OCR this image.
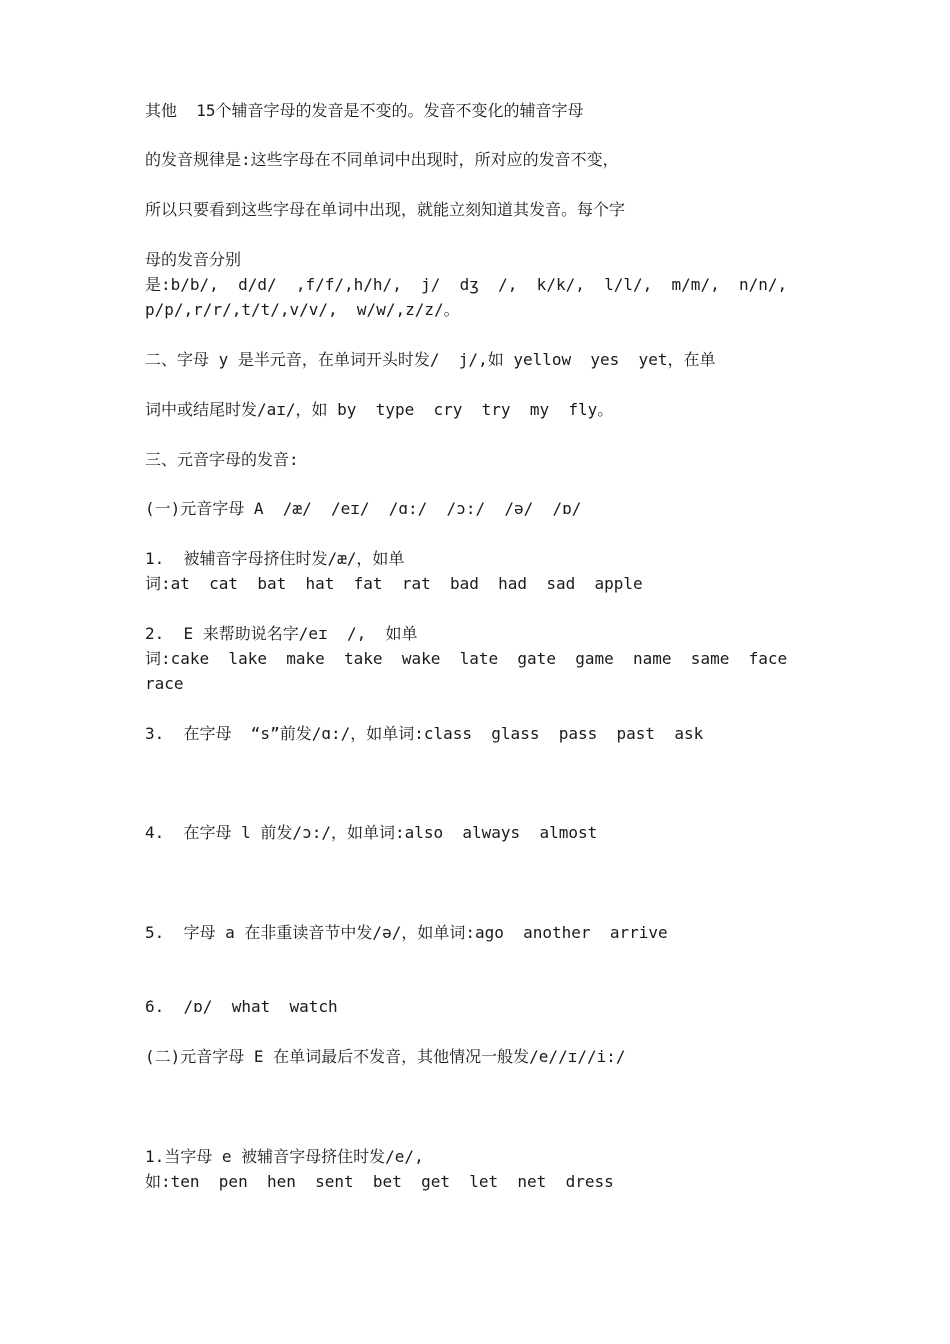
其他  15个辅音字母的发音是不变的。发音不变化的辅音字母
的发音规律是:这些字母在不同单词中出现时，所对应的发音不变，
所以只要看到这些字母在单词中出现，就能立刻知道其发音。每个字
母的发音分别
是:b/b/,  d/d/  ,f/f/,h/h/,  j/  dʒ  /,  k/k/,  l/l/,  m/m/,  n/n/,
p/p/,r/r/,t/t/,v/v/,  w/w/,z/z/。
二、字母 y 是半元音，在单词开头时发/  j/,如 yellow  yes  yet，在单
词中或结尾时发/aɪ/，如 by  type  cry  try  my  fly。
三、元音字母的发音:
(一)元音字母 A  /æ/  /eɪ/  /ɑ:/  /ɔ:/  /ə/  /ɒ/
1.  被辅音字母挤住时发/æ/，如单
词:at  cat  bat  hat  fat  rat  bad  had  sad  apple
2.  E 来帮助说名字/eɪ  /,  如单
词:cake  lake  make  take  wake  late  gate  game  name  same  face
race
3.  在字母  “s”前发/ɑ:/，如单词:class  glass  pass  past  ask
4.  在字母 l 前发/ɔ:/，如单词:also  always  almost
5.  字母 a 在非重读音节中发/ə/，如单词:ago  another  arrive
6.  /ɒ/  what  watch
(二)元音字母 E 在单词最后不发音，其他情况一般发/e//ɪ//i:/
1.当字母 e 被辅音字母挤住时发/e/,
如:ten  pen  hen  sent  bet  get  let  net  dress
